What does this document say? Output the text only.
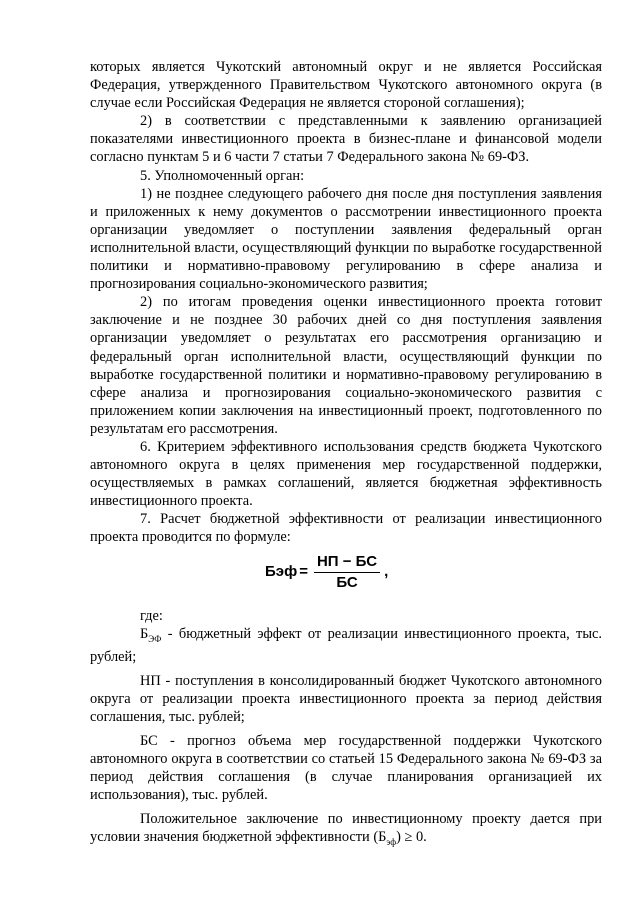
которых является Чукотский автономный округ и не является Российская Федерация, утвержденного Правительством Чукотского автономного округа (в случае если Российская Федерация не является стороной соглашения);

2) в соответствии с представленными к заявлению организацией показателями инвестиционного проекта в бизнес-плане и финансовой модели согласно пунктам 5 и 6 части 7 статьи 7 Федерального закона № 69-ФЗ.

5. Уполномоченный орган:

1) не позднее следующего рабочего дня после дня поступления заявления и приложенных к нему документов о рассмотрении инвестиционного проекта организации уведомляет о поступлении заявления федеральный орган исполнительной власти, осуществляющий функции по выработке государственной политики и нормативно-правовому регулированию в сфере анализа и прогнозирования социально-экономического развития;

2) по итогам проведения оценки инвестиционного проекта готовит заключение и не позднее 30 рабочих дней со дня поступления заявления организации уведомляет о результатах его рассмотрения организацию и федеральный орган исполнительной власти, осуществляющий функции по выработке государственной политики и нормативно-правовому регулированию в сфере анализа и прогнозирования социально-экономического развития с приложением копии заключения на инвестиционный проект, подготовленного по результатам его рассмотрения.

6. Критерием эффективного использования средств бюджета Чукотского автономного округа в целях применения мер государственной поддержки, осуществляемых в рамках соглашений, является бюджетная эффективность инвестиционного проекта.

7. Расчет бюджетной эффективности от реализации инвестиционного проекта проводится по формуле:

Бэф = $\frac{НП - БС}{БС}$ ,

где:

$Б_{ЭФ}$ - бюджетный эффект от реализации инвестиционного проекта, тыс. рублей;

НП - поступления в консолидированный бюджет Чукотского автономного округа от реализации проекта инвестиционного проекта за период действия соглашения, тыс. рублей;

БС - прогноз объема мер государственной поддержки Чукотского автономного округа в соответствии со статьей 15 Федерального закона № 69-ФЗ за период действия соглашения (в случае планирования организацией их использования), тыс. рублей.

Положительное заключение по инвестиционному проекту дается при условии значения бюджетной эффективности $(Б_{эф}) \ge 0$.
